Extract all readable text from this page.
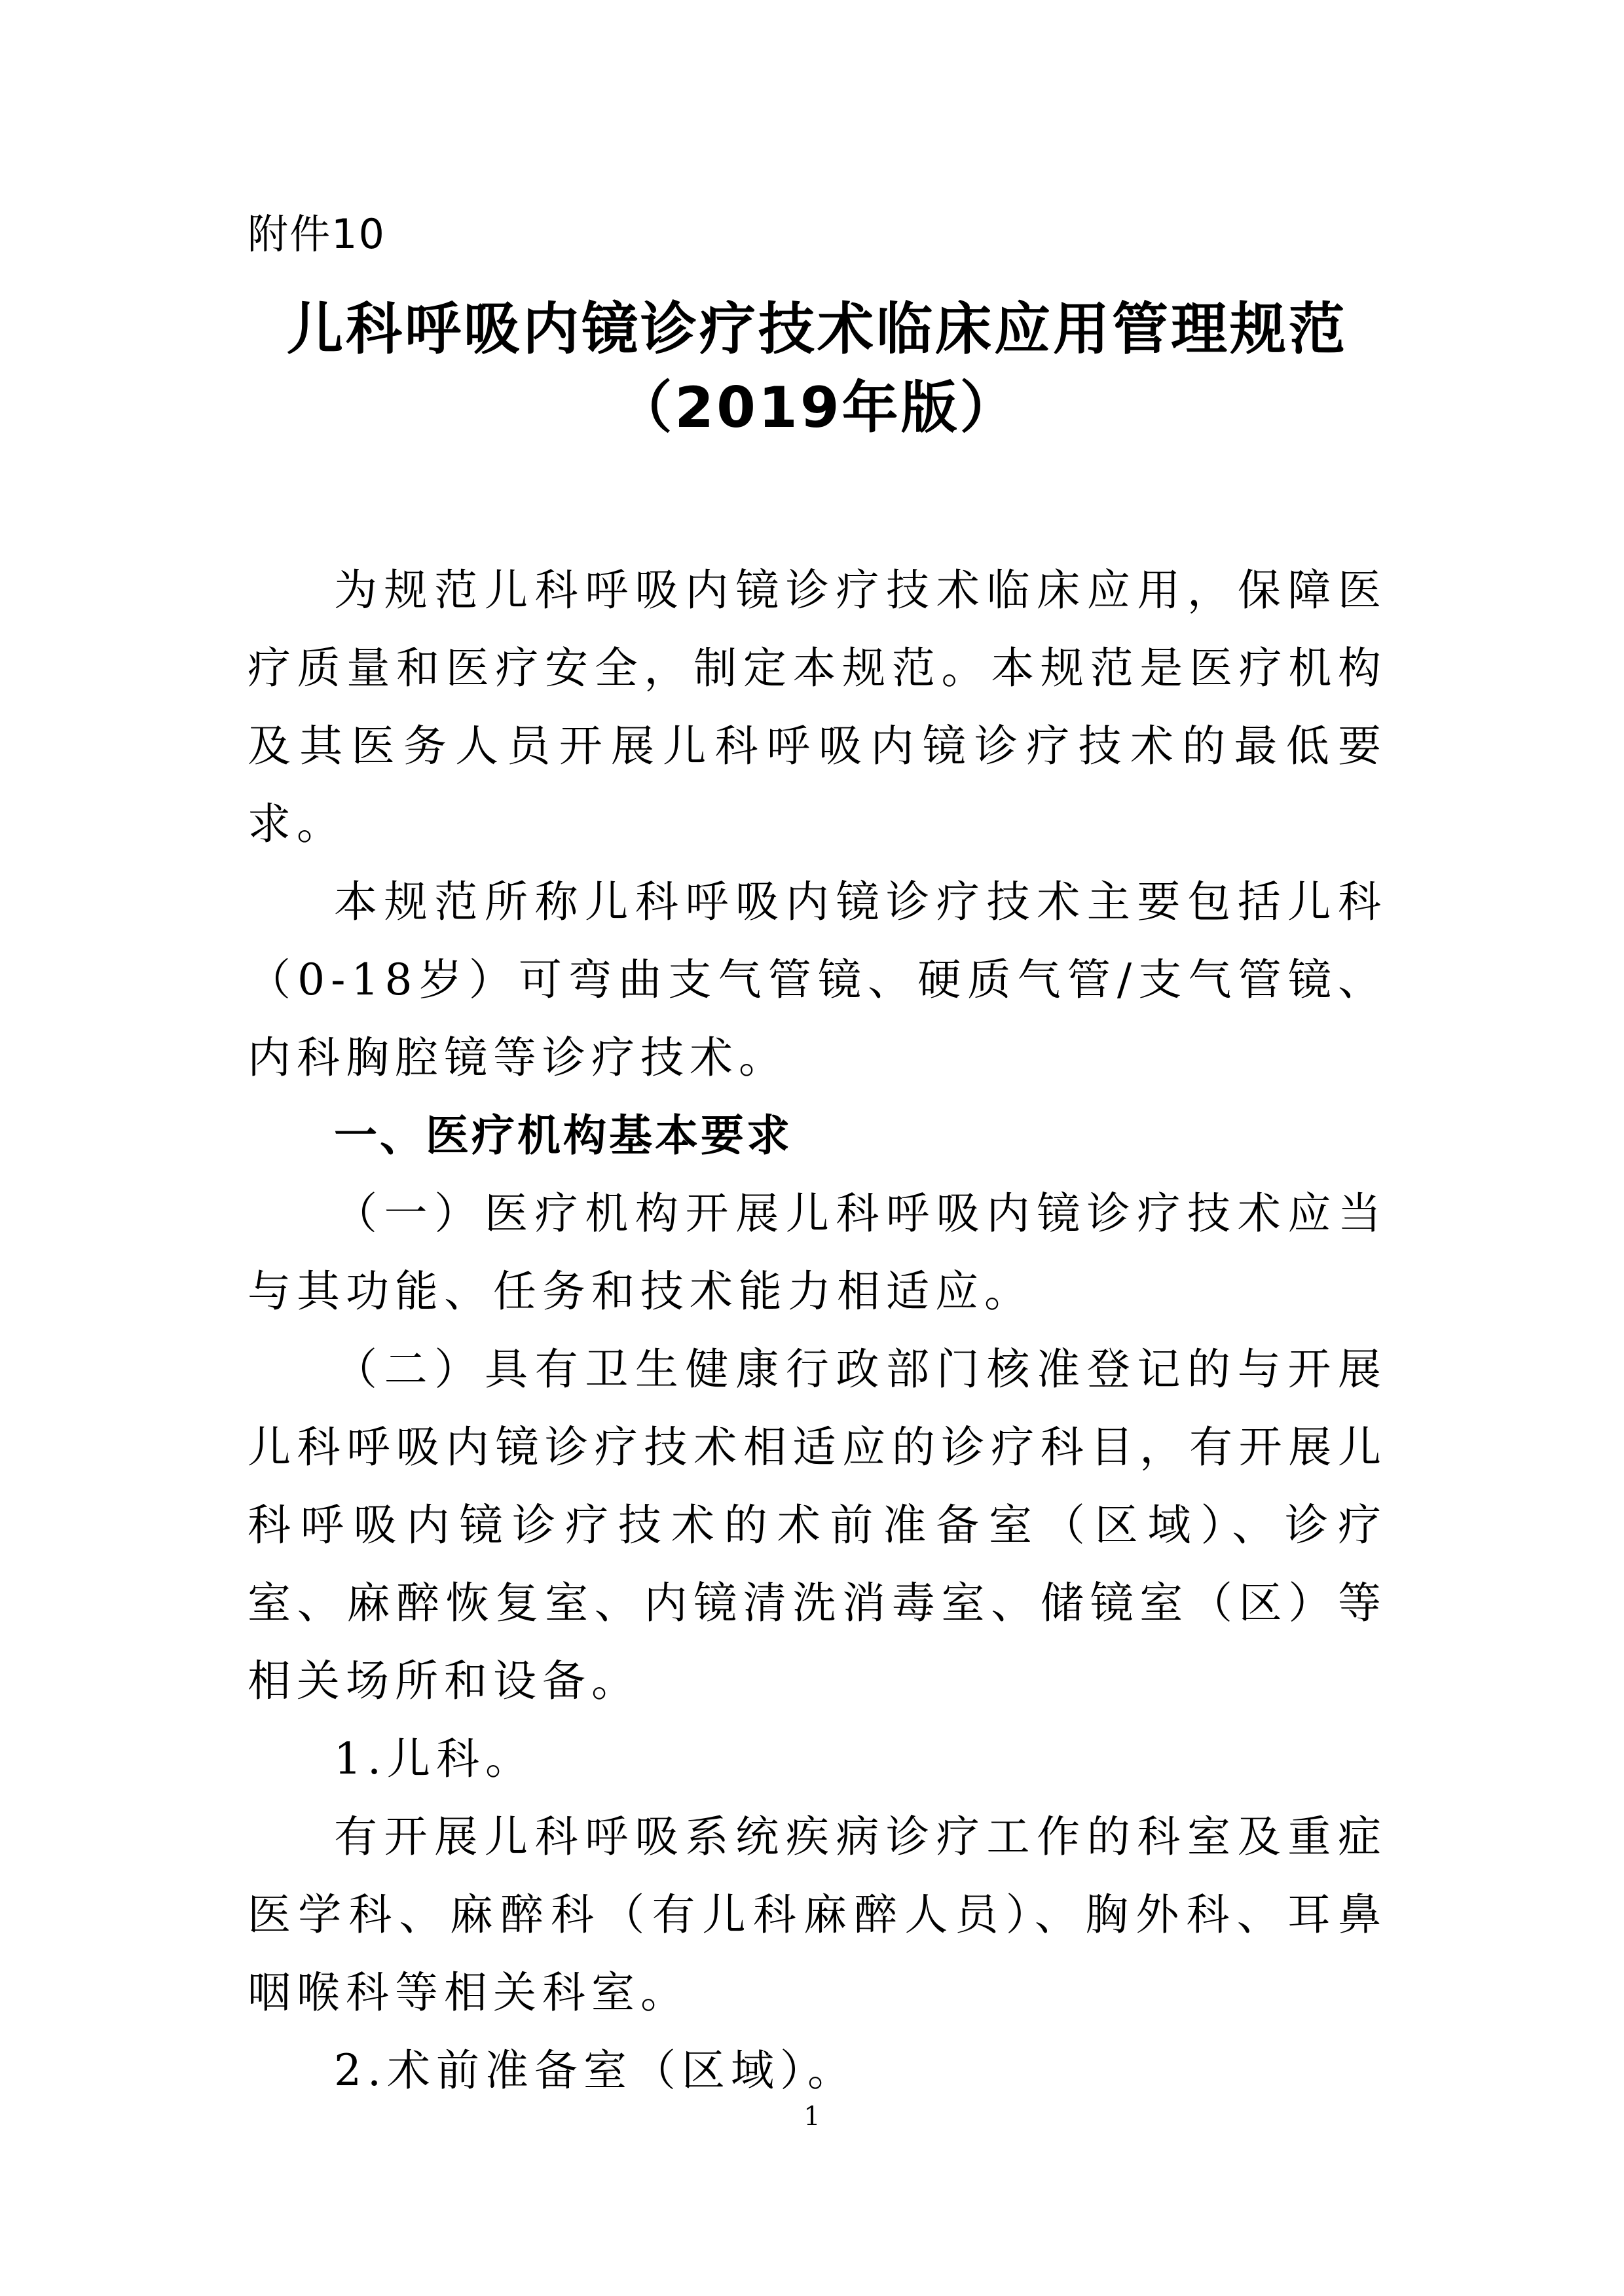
附件10
儿科呼吸内镜诊疗技术临床应用管理规范
（2019年版）

为规范儿科呼吸内镜诊疗技术临床应用，保障医疗质量和医疗安全，制定本规范。本规范是医疗机构及其医务人员开展儿科呼吸内镜诊疗技术的最低要求。

本规范所称儿科呼吸内镜诊疗技术主要包括儿科（0-18岁）可弯曲支气管镜、硬质气管/支气管镜、内科胸腔镜等诊疗技术。

一、医疗机构基本要求

（一）医疗机构开展儿科呼吸内镜诊疗技术应当与其功能、任务和技术能力相适应。

（二）具有卫生健康行政部门核准登记的与开展儿科呼吸内镜诊疗技术相适应的诊疗科目，有开展儿科呼吸内镜诊疗技术的术前准备室（区域）、诊疗室、麻醉恢复室、内镜清洗消毒室、储镜室（区）等相关场所和设备。

1.儿科。

有开展儿科呼吸系统疾病诊疗工作的科室及重症医学科、麻醉科（有儿科麻醉人员）、胸外科、耳鼻咽喉科等相关科室。

2.术前准备室（区域）。

1
